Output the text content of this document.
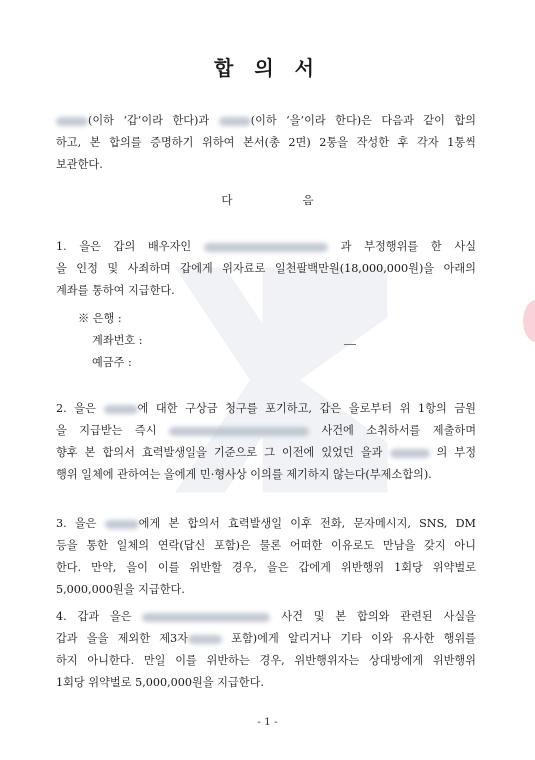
합 의 서
(이하 ‘갑’이라 한다)과	(이하 ‘을’이라 한다)은 다음과 같이 합의
하고, 본 합의를 증명하기 위하여 본서(총 2면) 2통을 작성한 후 각자 1통씩
보관한다.
다	음
1. 을은 갑의 배우자인	과 부정행위를 한 사실
을 인정 및 사죄하며 갑에게 위자료로 일천팔백만원(18,000,000원)을 아래의
계좌를 통하여 지급한다.
※ 은행 :
계좌번호 :
예금주 :
2. 을은	에 대한 구상금 청구를 포기하고, 갑은 을로부터 위 1항의 금원
을 지급받는 즉시	사건에 소취하서를 제출하며
향후 본 합의서 효력발생일을 기준으로 그 이전에 있었던 을과	의 부정
행위 일체에 관하여는 을에게 민·형사상 이의를 제기하지 않는다(부제소합의).
3. 을은	에게 본 합의서 효력발생일 이후 전화, 문자메시지, SNS, DM
등을 통한 일체의 연락(답신 포함)은 물론 어떠한 이유로도 만남을 갖지 아니
한다. 만약, 을이 이를 위반할 경우, 을은 갑에게 위반행위 1회당 위약벌로
5,000,000원을 지급한다.
4. 갑과 을은	사건 및 본 합의와 관련된 사실을
갑과 을을 제외한 제3자	포함)에게 알리거나 기타 이와 유사한 행위를
하지 아니한다. 만일 이를 위반하는 경우, 위반행위자는 상대방에게 위반행위
1회당 위약벌로 5,000,000원을 지급한다.
- 1 -
